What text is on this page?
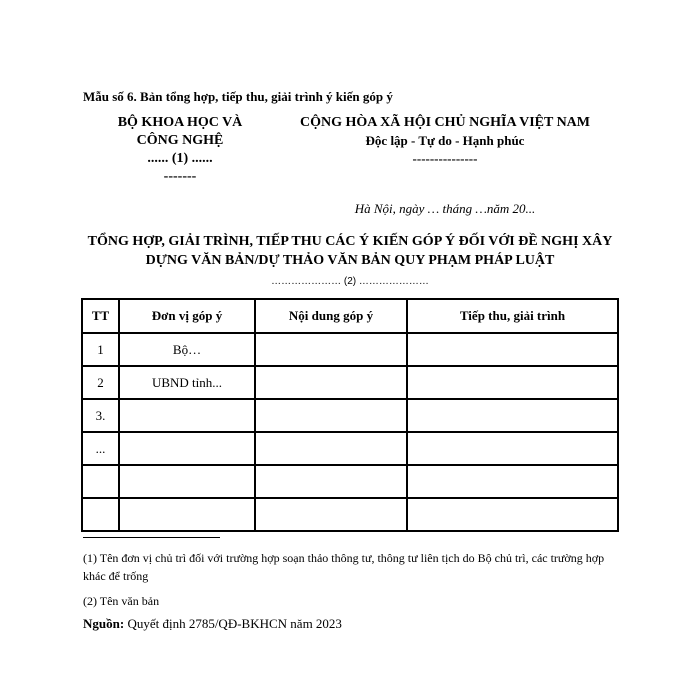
Mẫu số 6. Bản tổng hợp, tiếp thu, giải trình ý kiến góp ý
BỘ KHOA HỌC VÀ
CÔNG NGHỆ
...... (1) ......
-------
CỘNG HÒA XÃ HỘI CHỦ NGHĨA VIỆT NAM
Độc lập - Tự do - Hạnh phúc
---------------
Hà Nội, ngày … tháng …năm 20...
TỔNG HỢP, GIẢI TRÌNH, TIẾP THU CÁC Ý KIẾN GÓP Ý ĐỐI VỚI ĐỀ NGHỊ XÂY
DỰNG VĂN BẢN/DỰ THẢO VĂN BẢN QUY PHẠM PHÁP LUẬT
………………… (2) …………………
TT	Đơn vị góp ý	Nội dung góp ý	Tiếp thu, giải trình
1	Bộ…		
2	UBND tỉnh...		
3.			
...			

(1) Tên đơn vị chủ trì đối với trường hợp soạn thảo thông tư, thông tư liên tịch do Bộ chủ trì, các trường hợp khác để trống
(2) Tên văn bản
Nguồn: Quyết định 2785/QĐ-BKHCN năm 2023
